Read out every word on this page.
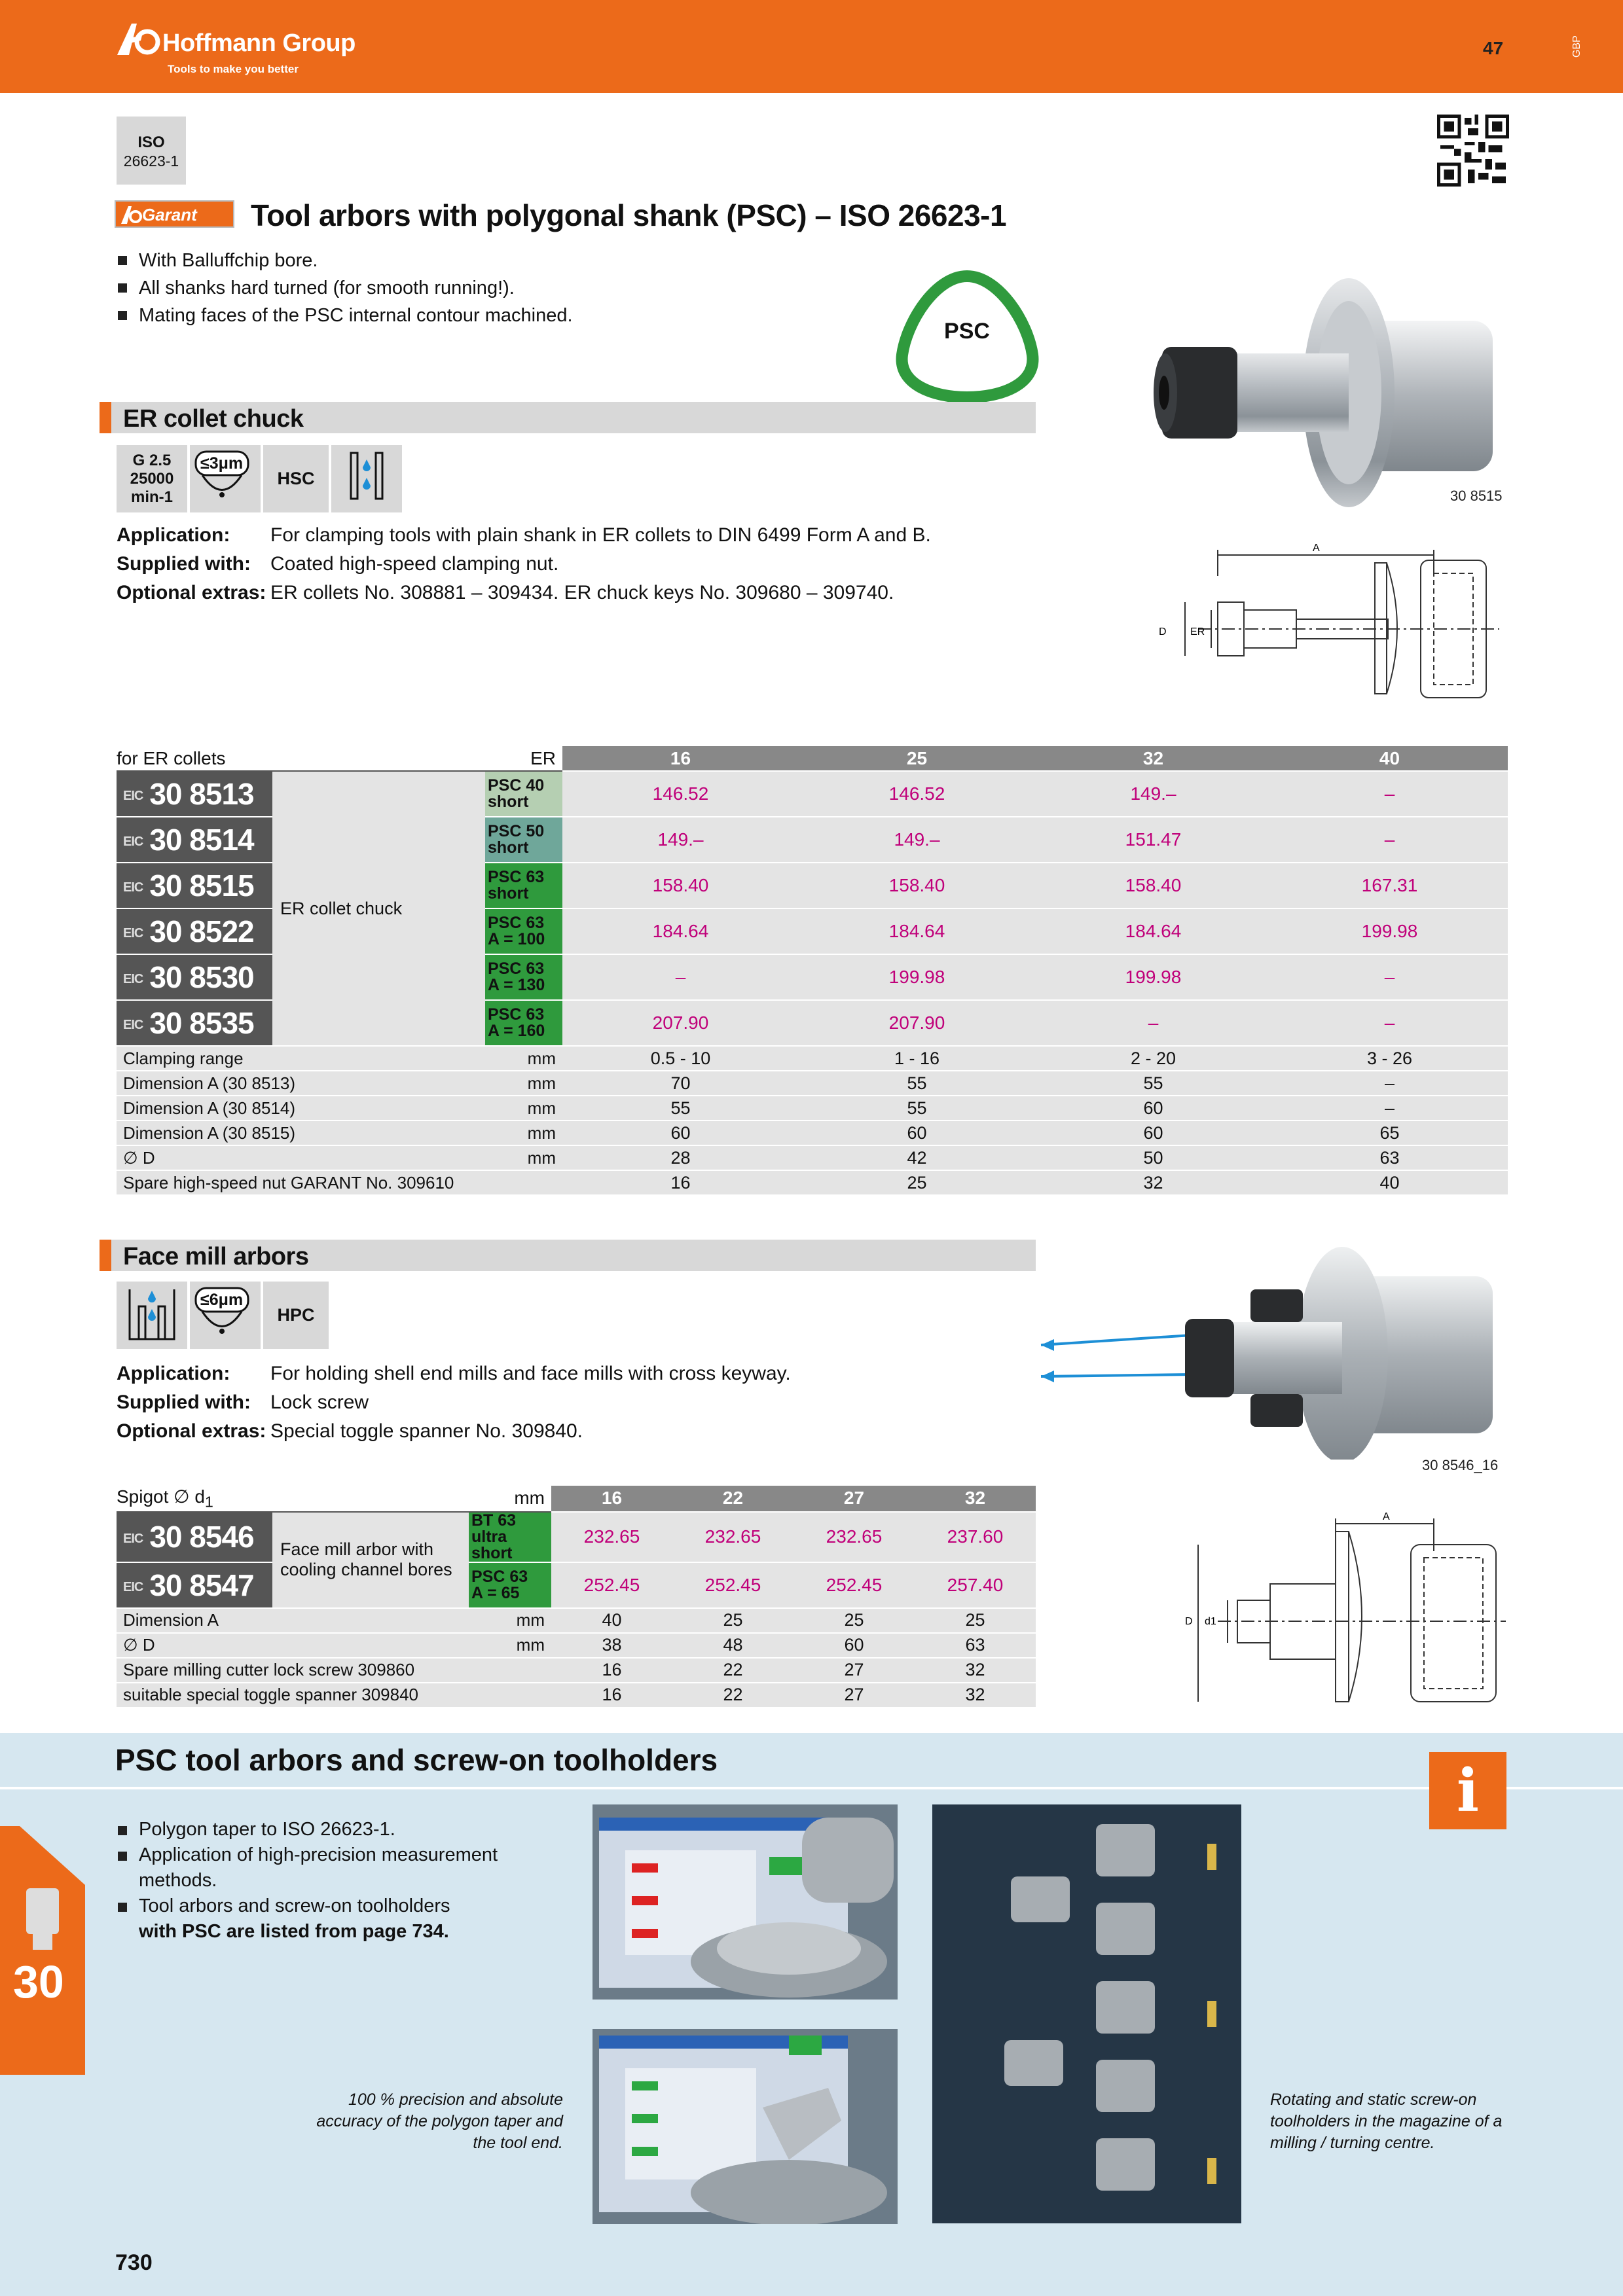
Hoffmann Group
Tools to make you better
47	GBP
ISO
26623-1
Garant	Tool arbors with polygonal shank (PSC) – ISO 26623-1
With Balluffchip bore.
All shanks hard turned (for smooth running!).
Mating faces of the PSC internal contour machined.
PSC
30 8515
ER collet chuck
G 2.5
25000
min-1
≤3μm
HSC
Application: For clamping tools with plain shank in ER collets to DIN 6499 Form A and B.
Supplied with: Coated high-speed clamping nut.
Optional extras: ER collets No. 308881 – 309434. ER chuck keys No. 309680 – 309740.
A
D ER
for ER collets		ER	16	25	32	40
EIC 30 8513	ER collet chuck	PSC 40
short	146.52	146.52	149.–	–
EIC 30 8514		PSC 50
short	149.–	149.–	151.47	–
EIC 30 8515		PSC 63
short	158.40	158.40	158.40	167.31
EIC 30 8522		PSC 63
A = 100	184.64	184.64	184.64	199.98
EIC 30 8530		PSC 63
A = 130	–	199.98	199.98	–
EIC 30 8535		PSC 63
A = 160	207.90	207.90	–	–
Clamping range		mm	0.5 - 10	1 - 16	2 - 20	3 - 26
Dimension A (30 8513)		mm	70	55	55	–
Dimension A (30 8514)		mm	55	55	60	–
Dimension A (30 8515)		mm	60	60	60	65
∅ D		mm	28	42	50	63
Spare high-speed nut GARANT No. 309610			16	25	32	40
Face mill arbors
≤6μm
HPC
Application: For holding shell end mills and face mills with cross keyway.
Supplied with: Lock screw
Optional extras: Special toggle spanner No. 309840.
30 8546_16
A
D d1
Spigot ∅ $d_1$		mm	16	22	27	32
EIC 30 8546	Face mill arbor with cooling channel bores	BT 63
ultra short	232.65	232.65	232.65	237.60
EIC 30 8547		PSC 63
A = 65	252.45	252.45	252.45	257.40
Dimension A		mm	40	25	25	25
∅ D		mm	38	48	60	63
Spare milling cutter lock screw 309860			16	22	27	32
suitable special toggle spanner 309840			16	22	27	32
PSC tool arbors and screw-on toolholders	i
30
Polygon taper to ISO 26623-1.
Application of high-precision measurement methods.
Tool arbors and screw-on toolholders
with PSC are listed from page 734.
100 % precision and absolute accuracy of the polygon taper and the tool end.
Rotating and static screw-on toolholders in the magazine of a milling / turning centre.
730
